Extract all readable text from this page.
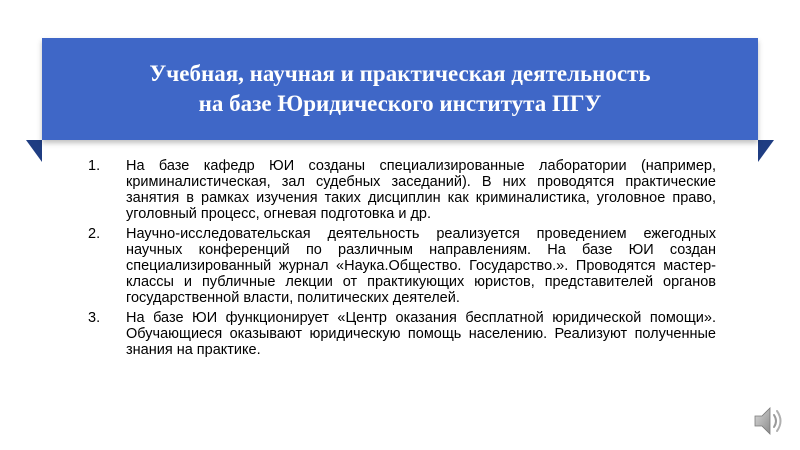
Учебная, научная и практическая деятельность
на базе Юридического института ПГУ
1.	На базе кафедр ЮИ созданы специализированные лаборатории (например, криминалистическая, зал судебных заседаний). В них проводятся практические занятия в рамках изучения таких дисциплин как криминалистика, уголовное право, уголовный процесс, огневая подготовка и др.
2.	Научно-исследовательская деятельность реализуется проведением ежегодных научных конференций по различным направлениям. На базе ЮИ создан специализированный журнал «Наука.Общество. Государство.». Проводятся мастер-классы и публичные лекции от практикующих юристов, представителей органов государственной власти, политических деятелей.
3.	На базе ЮИ функционирует «Центр оказания бесплатной юридической помощи». Обучающиеся оказывают юридическую помощь населению. Реализуют полученные знания на практике.
